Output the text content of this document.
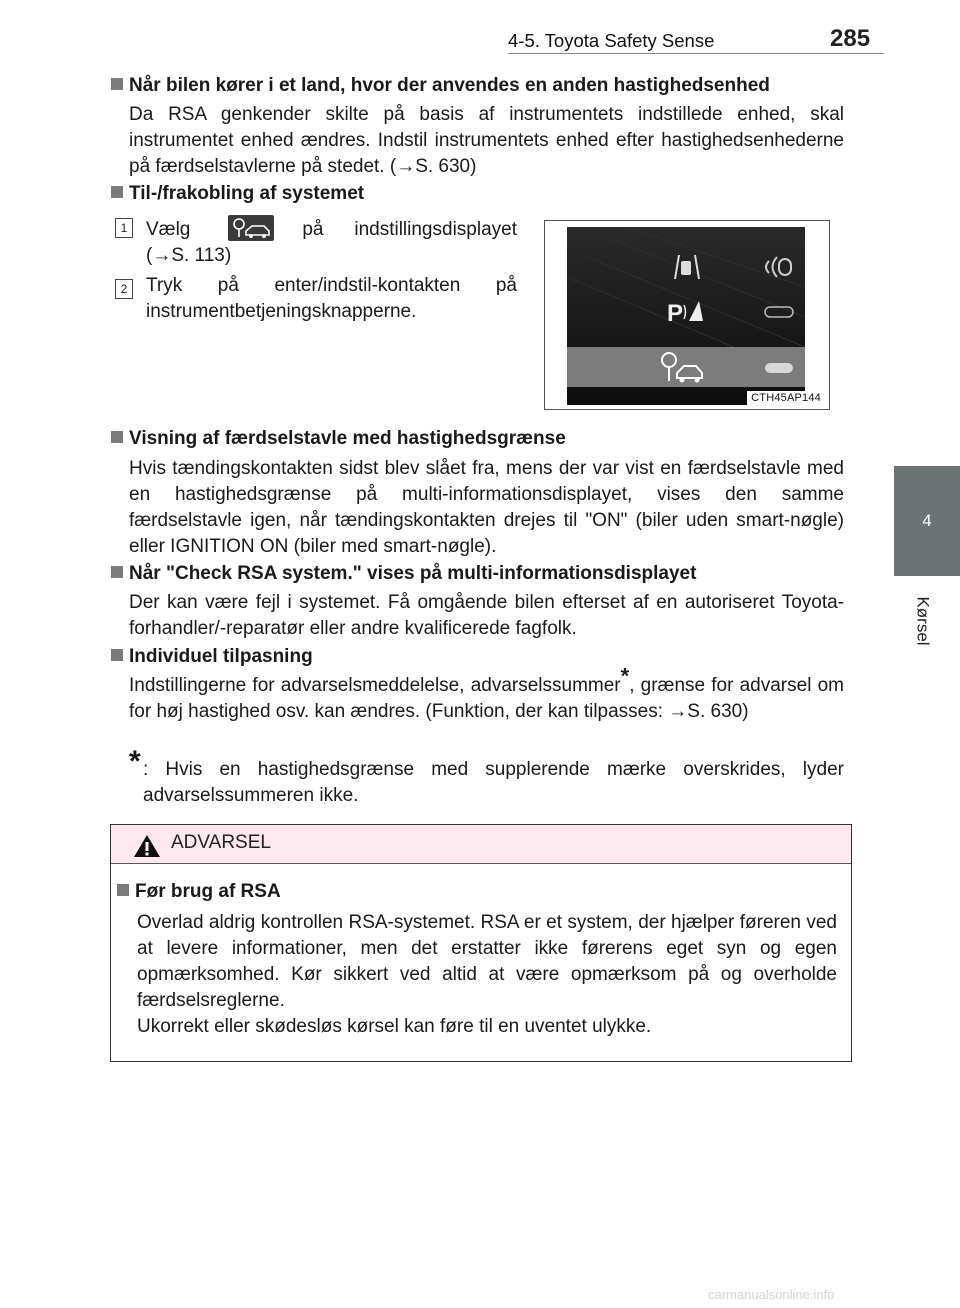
4-5. Toyota Safety Sense	285
4
Kørsel
Når bilen kører i et land, hvor der anvendes en anden hastighedsenhed

Da RSA genkender skilte på basis af instrumentets indstillede enhed, skal instrumentet enhed ændres. Indstil instrumentets enhed efter hastighedsenhederne på færdselstavlerne på stedet. (→S. 630)

Til-/frakobling af systemet
1 Vælg	på indstillingsdisplayet (→S. 113)
2 Tryk på enter/indstil-kontakten på instrumentbetjeningsknapperne.	P
CTH45AP144
Visning af færdselstavle med hastighedsgrænse

Hvis tændingskontakten sidst blev slået fra, mens der var vist en færdselstavle med en hastighedsgrænse på multi-informationsdisplayet, vises den samme færdselstavle igen, når tændingskontakten drejes til "ON" (biler uden smart-nøgle) eller IGNITION ON (biler med smart-nøgle).

Når "Check RSA system." vises på multi-informationsdisplayet

Der kan være fejl i systemet. Få omgående bilen efterset af en autoriseret Toyota-forhandler/-reparatør eller andre kvalificerede fagfolk.

Individuel tilpasning

Indstillingerne for advarselsmeddelelse, advarselssummer*, grænse for advarsel om for høj hastighed osv. kan ændres. (Funktion, der kan tilpasses: →S. 630)

* : Hvis en hastighedsgrænse med supplerende mærke overskrides, lyder advarselssummeren ikke.
ADVARSEL
Før brug af RSA

Overlad aldrig kontrollen RSA-systemet. RSA er et system, der hjælper føreren ved at levere informationer, men det erstatter ikke førerens eget syn og egen opmærksomhed. Kør sikkert ved altid at være opmærksom på og overholde færdselsreglerne.

Ukorrekt eller skødesløs kørsel kan føre til en uventet ulykke.

carmanualsonline.info
